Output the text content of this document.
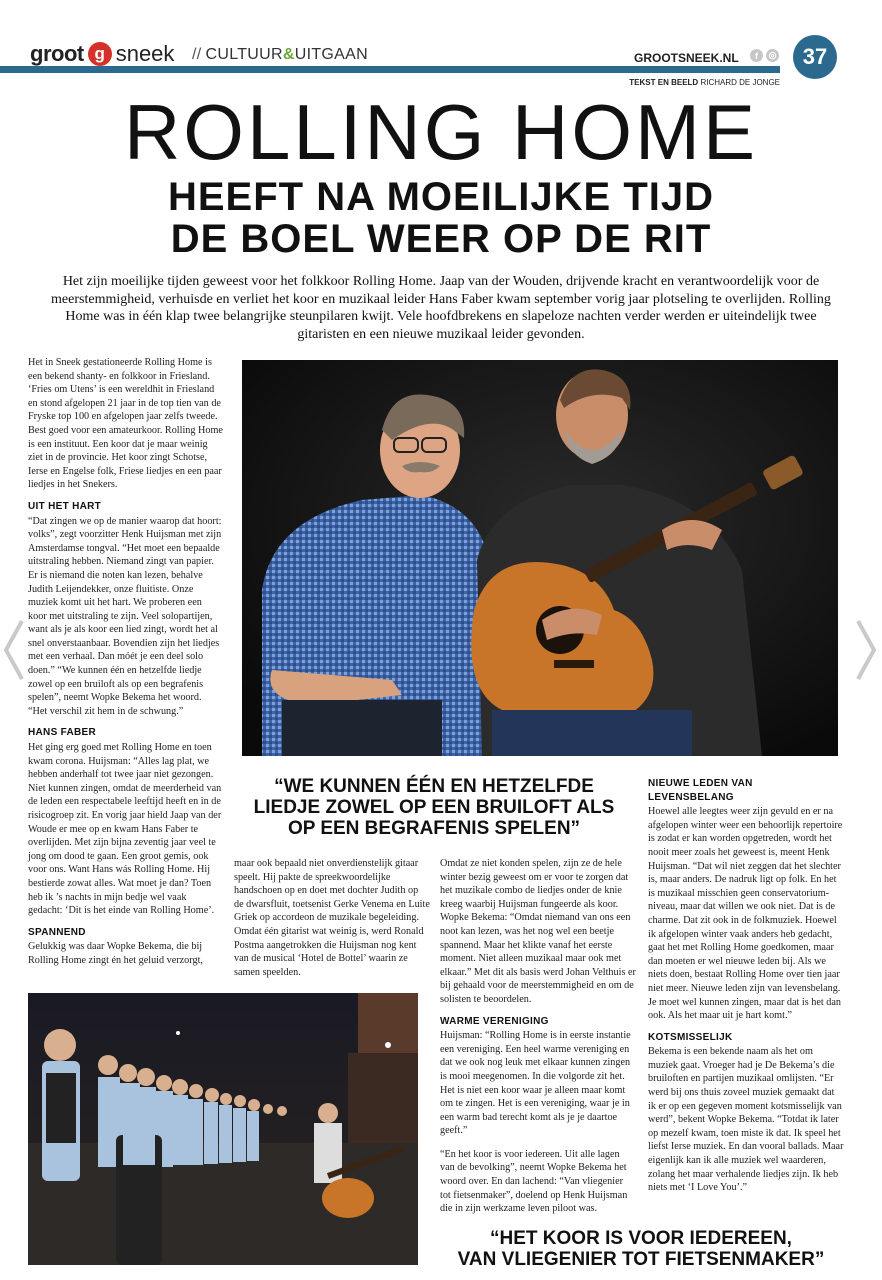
groot g sneek // CULTUUR&UITGAAN	GROOTSNEEK.NL	f	◎	37
TEKST EN BEELD RICHARD DE JONGE
ROLLING HOME
HEEFT NA MOEILIJKE TIJD
DE BOEL WEER OP DE RIT
Het zijn moeilijke tijden geweest voor het folkkoor Rolling Home. Jaap van der Wouden, drijvende kracht en verantwoordelijk voor de meerstemmigheid, verhuisde en verliet het koor en muzikaal leider Hans Faber kwam september vorig jaar plotseling te overlijden. Rolling Home was in één klap twee belangrijke steunpilaren kwijt. Vele hoofdbrekens en slapeloze nachten verder werden er uiteindelijk twee gitaristen en een nieuwe muzikaal leider gevonden.

Het in Sneek gestationeerde Rolling Home is een bekend shanty- en folkkoor in Friesland. ‘Fries om Utens’ is een wereldhit in Friesland en stond afgelopen 21 jaar in de top tien van de Fryske top 100 en afgelopen jaar zelfs tweede. Best goed voor een amateurkoor. Rolling Home is een instituut. Een koor dat je maar weinig ziet in de provincie. Het koor zingt Schotse, Ierse en Engelse folk, Friese liedjes en een paar liedjes in het Snekers.

UIT HET HART

“Dat zingen we op de manier waarop dat hoort: volks”, zegt voorzitter Henk Huijsman met zijn Amsterdamse tongval. “Het moet een bepaalde uitstraling hebben. Niemand zingt van papier. Er is niemand die noten kan lezen, behalve Judith Leijendekker, onze fluitiste. Onze muziek komt uit het hart. We proberen een koor met uitstraling te zijn. Veel solopartijen, want als je als koor een lied zingt, wordt het al snel onverstaanbaar. Bovendien zijn het liedjes met een verhaal. Dan móét je een deel solo doen.” “We kunnen één en hetzelfde liedje zowel op een bruiloft als op een begrafenis spelen”, neemt Wopke Bekema het woord. “Het verschil zit hem in de schwung.”

HANS FABER

Het ging erg goed met Rolling Home en toen kwam corona. Huijsman: “Alles lag plat, we hebben anderhalf tot twee jaar niet gezongen. Niet kunnen zingen, omdat de meerderheid van de leden een respectabele leeftijd heeft en in de risicogroep zit. En vorig jaar hield Jaap van der Woude er mee op en kwam Hans Faber te overlijden. Met zijn bijna zeventig jaar veel te jong om dood te gaan. Een groot gemis, ook voor ons. Want Hans wás Rolling Home. Hij bestierde zowat alles. Wat moet je dan? Toen heb ik ’s nachts in mijn bedje wel vaak gedacht: ‘Dit is het einde van Rolling Home’.

SPANNEND

Gelukkig was daar Wopke Bekema, die bij Rolling Home zingt én het geluid verzorgt,

“WE KUNNEN ÉÉN EN HETZELFDE
LIEDJE ZOWEL OP EEN BRUILOFT ALS
OP EEN BEGRAFENIS SPELEN”

maar ook bepaald niet onverdienstelijk gitaar speelt. Hij pakte de spreekwoordelijke handschoen op en doet met dochter Judith op de dwarsfluit, toetsenist Gerke Venema en Luite Griek op accordeon de muzikale begeleiding. Omdat één gitarist wat weinig is, werd Ronald Postma aangetrokken die Huijsman nog kent van de musical ‘Hotel de Bottel’ waarin ze samen speelden.

Omdat ze niet konden spelen, zijn ze de hele winter bezig geweest om er voor te zorgen dat het muzikale combo de liedjes onder de knie kreeg waarbij Huijsman fungeerde als koor. Wopke Bekema: “Omdat niemand van ons een noot kan lezen, was het nog wel een beetje spannend. Maar het klikte vanaf het eerste moment. Niet alleen muzikaal maar ook met elkaar.” Met dit als basis werd Johan Velthuis er bij gehaald voor de meerstemmigheid en om de solisten te beoordelen.

WARME VERENIGING

Huijsman: “Rolling Home is in eerste instantie een vereniging. Een heel warme vereniging en dat we ook nog leuk met elkaar kunnen zingen is mooi meegenomen. In die volgorde zit het. Het is niet een koor waar je alleen maar komt om te zingen. Het is een vereniging, waar je in een warm bad terecht komt als je je daartoe geeft.”

“En het koor is voor iedereen. Uit alle lagen van de bevolking”, neemt Wopke Bekema het woord over. En dan lachend: “Van vliegenier tot fietsenmaker”, doelend op Henk Huijsman die in zijn werkzame leven piloot was.

NIEUWE LEDEN VAN
LEVENSBELANG

Hoewel alle leegtes weer zijn gevuld en er na afgelopen winter weer een behoorlijk repertoire is zodat er kan worden opgetreden, wordt het nooit meer zoals het geweest is, meent Henk Huijsman. “Dat wil niet zeggen dat het slechter is, maar anders. De nadruk ligt op folk. En het is muzikaal misschien geen conservatorium-niveau, maar dat willen we ook niet. Dat is de charme. Dat zit ook in de folkmuziek. Hoewel ik afgelopen winter vaak anders heb gedacht, gaat het met Rolling Home goedkomen, maar dan moeten er wel nieuwe leden bij. Als we niets doen, bestaat Rolling Home over tien jaar niet meer. Nieuwe leden zijn van levensbelang. Je moet wel kunnen zingen, maar dat is het dan ook. Als het maar uit je hart komt.”

KOTSMISSELIJK

Bekema is een bekende naam als het om muziek gaat. Vroeger had je De Bekema’s die bruiloften en partijen muzikaal omlijsten. “Er werd bij ons thuis zoveel muziek gemaakt dat ik er op een gegeven moment kotsmisselijk van werd”, bekent Wopke Bekema. “Totdat ik later op mezelf kwam, toen miste ik dat. Ik speel het liefst Ierse muziek. En dan vooral ballads. Maar eigenlijk kan ik alle muziek wel waarderen, zolang het maar verhalende liedjes zijn. Ik heb niets met ‘I Love You’.”

“HET KOOR IS VOOR IEDEREEN,
VAN VLIEGENIER TOT FIETSENMAKER”
